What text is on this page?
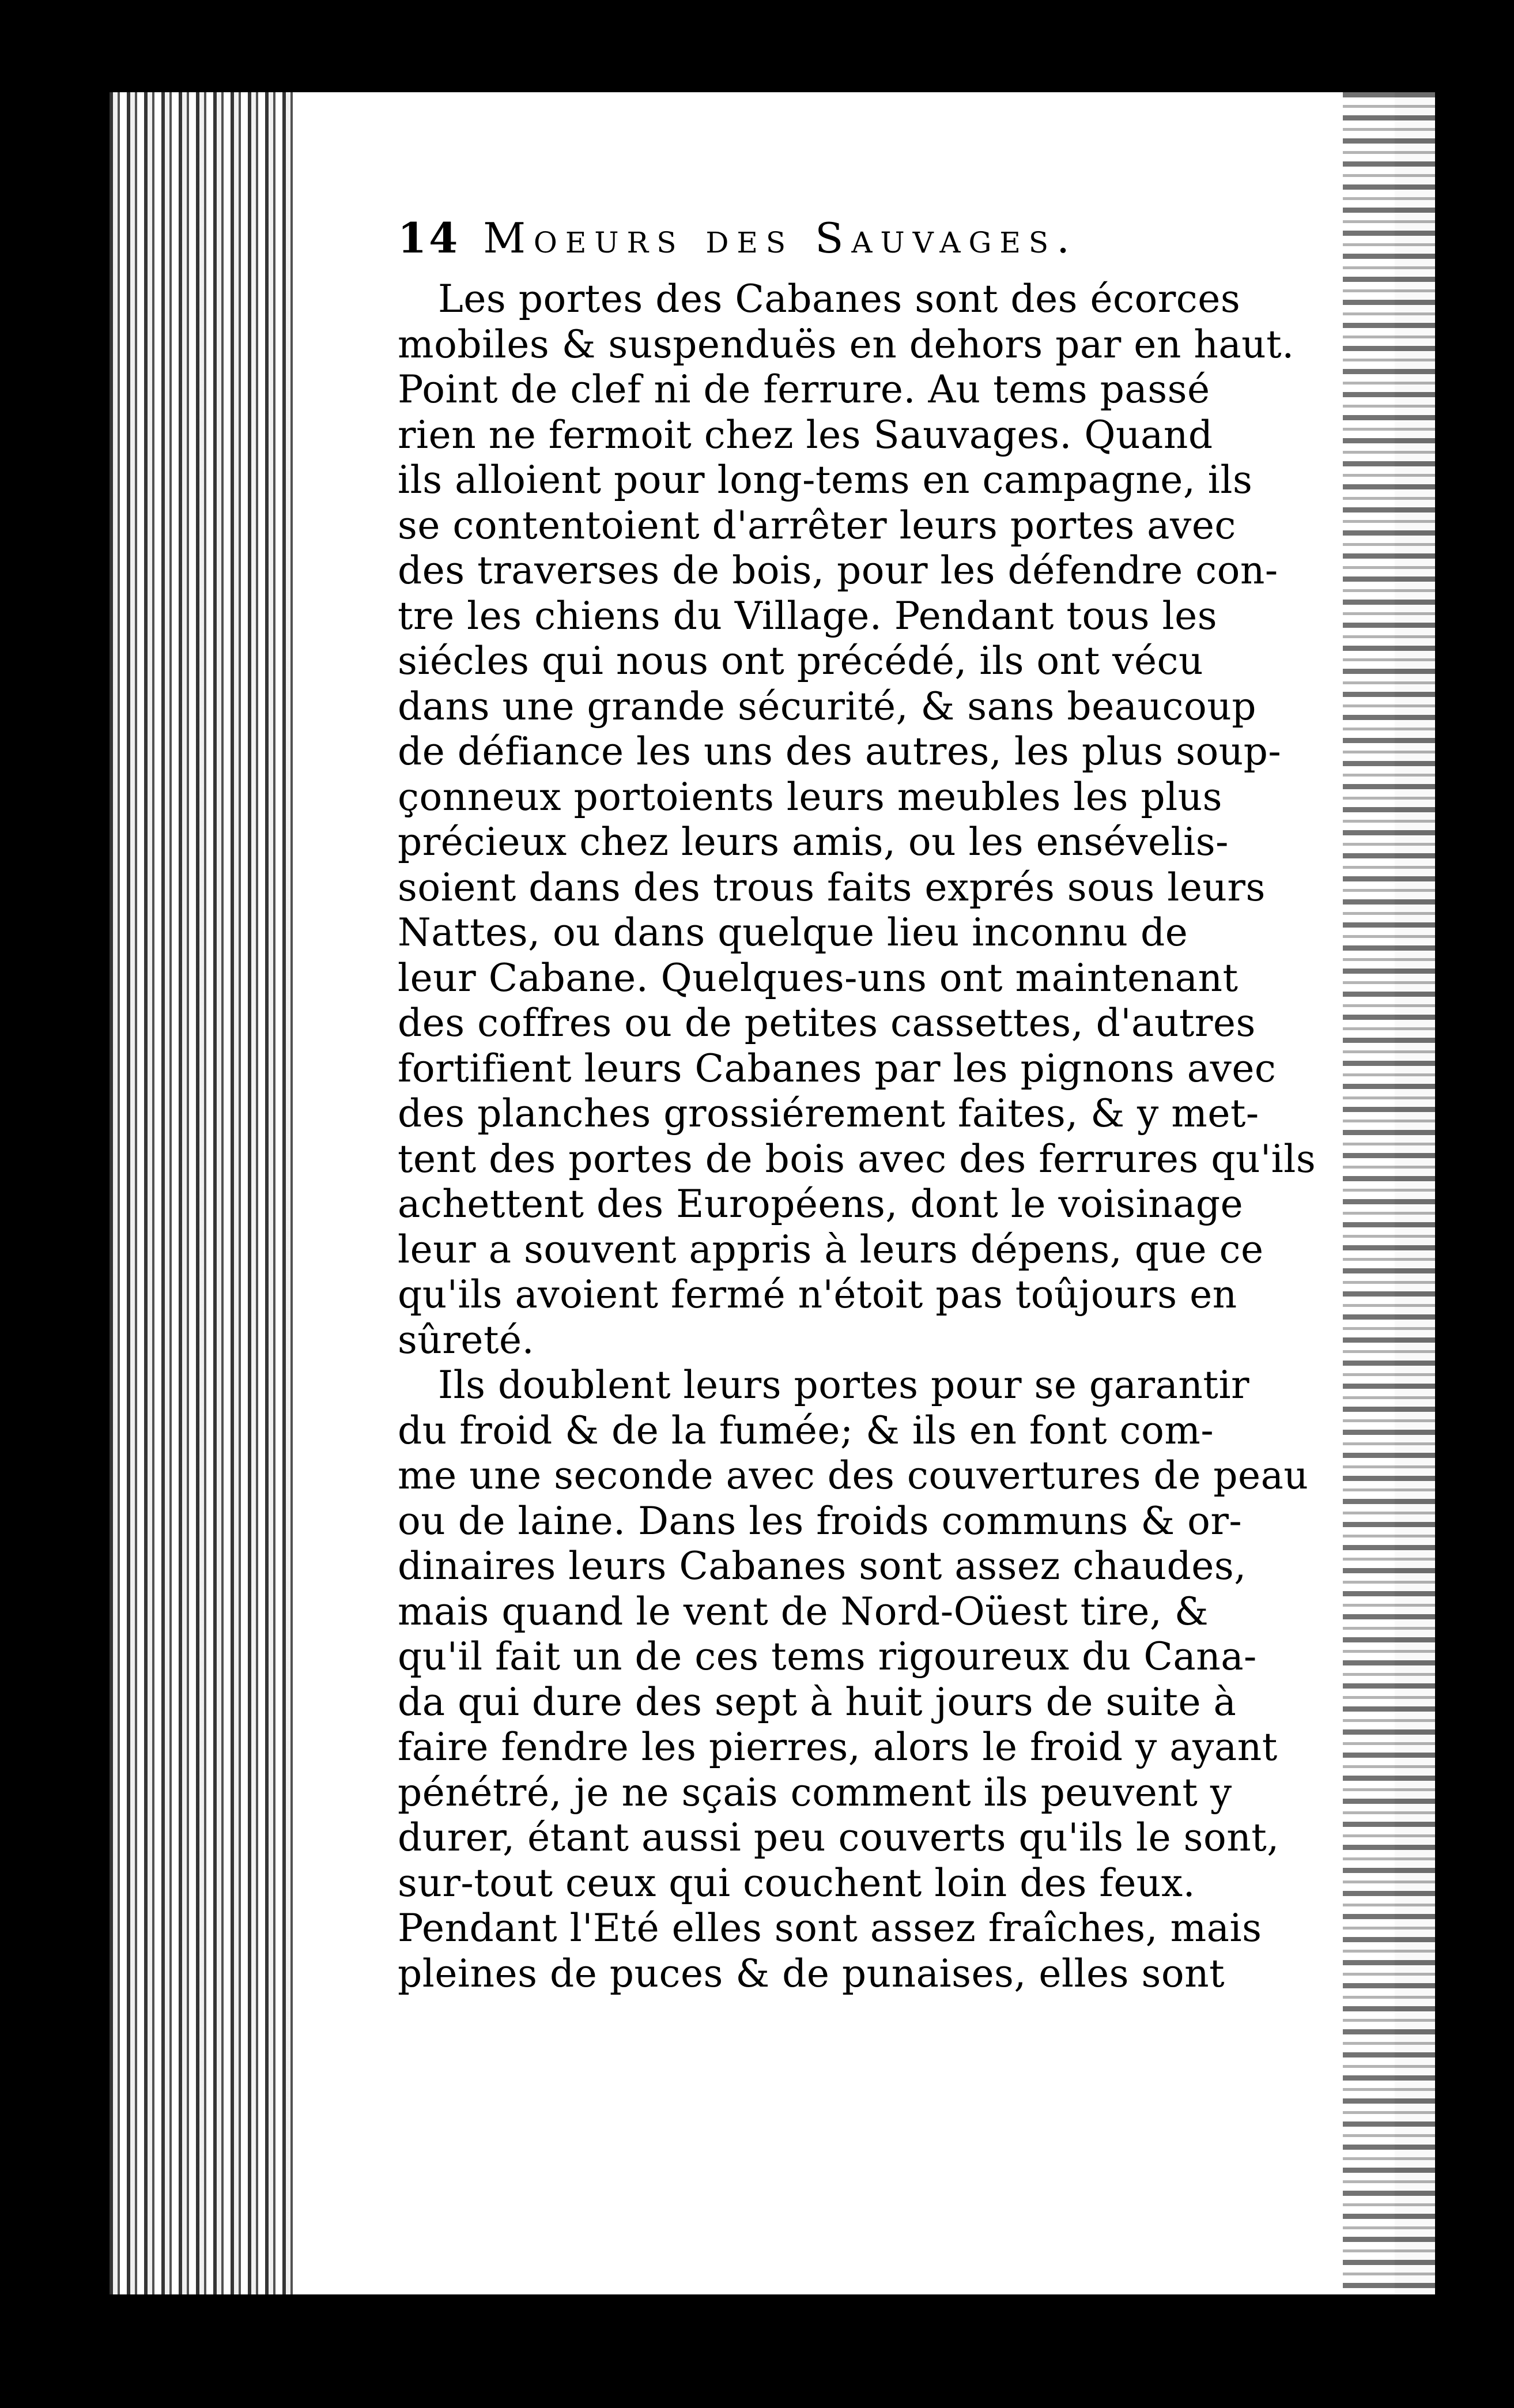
14 Moeurs des Sauvages.
Les portes des Cabanes sont des écorces
mobiles & suspenduës en dehors par en haut.
Point de clef ni de ferrure. Au tems passé
rien ne fermoit chez les Sauvages. Quand
ils alloient pour long-tems en campagne, ils
se contentoient d'arrêter leurs portes avec
des traverses de bois, pour les défendre con-
tre les chiens du Village. Pendant tous les
siécles qui nous ont précédé, ils ont vécu
dans une grande sécurité, & sans beaucoup
de défiance les uns des autres, les plus soup-
çonneux portoients leurs meubles les plus
précieux chez leurs amis, ou les ensévelis-
soient dans des trous faits exprés sous leurs
Nattes, ou dans quelque lieu inconnu de
leur Cabane. Quelques-uns ont maintenant
des coffres ou de petites cassettes, d'autres
fortifient leurs Cabanes par les pignons avec
des planches grossiérement faites, & y met-
tent des portes de bois avec des ferrures qu'ils
achettent des Européens, dont le voisinage
leur a souvent appris à leurs dépens, que ce
qu'ils avoient fermé n'étoit pas toûjours en
sûreté.
Ils doublent leurs portes pour se garantir
du froid & de la fumée; & ils en font com-
me une seconde avec des couvertures de peau
ou de laine. Dans les froids communs & or-
dinaires leurs Cabanes sont assez chaudes,
mais quand le vent de Nord-Oüest tire, &
qu'il fait un de ces tems rigoureux du Cana-
da qui dure des sept à huit jours de suite à
faire fendre les pierres, alors le froid y ayant
pénétré, je ne sçais comment ils peuvent y
durer, étant aussi peu couverts qu'ils le sont,
sur-tout ceux qui couchent loin des feux.
Pendant l'Eté elles sont assez fraîches, mais
pleines de puces & de punaises, elles sont
